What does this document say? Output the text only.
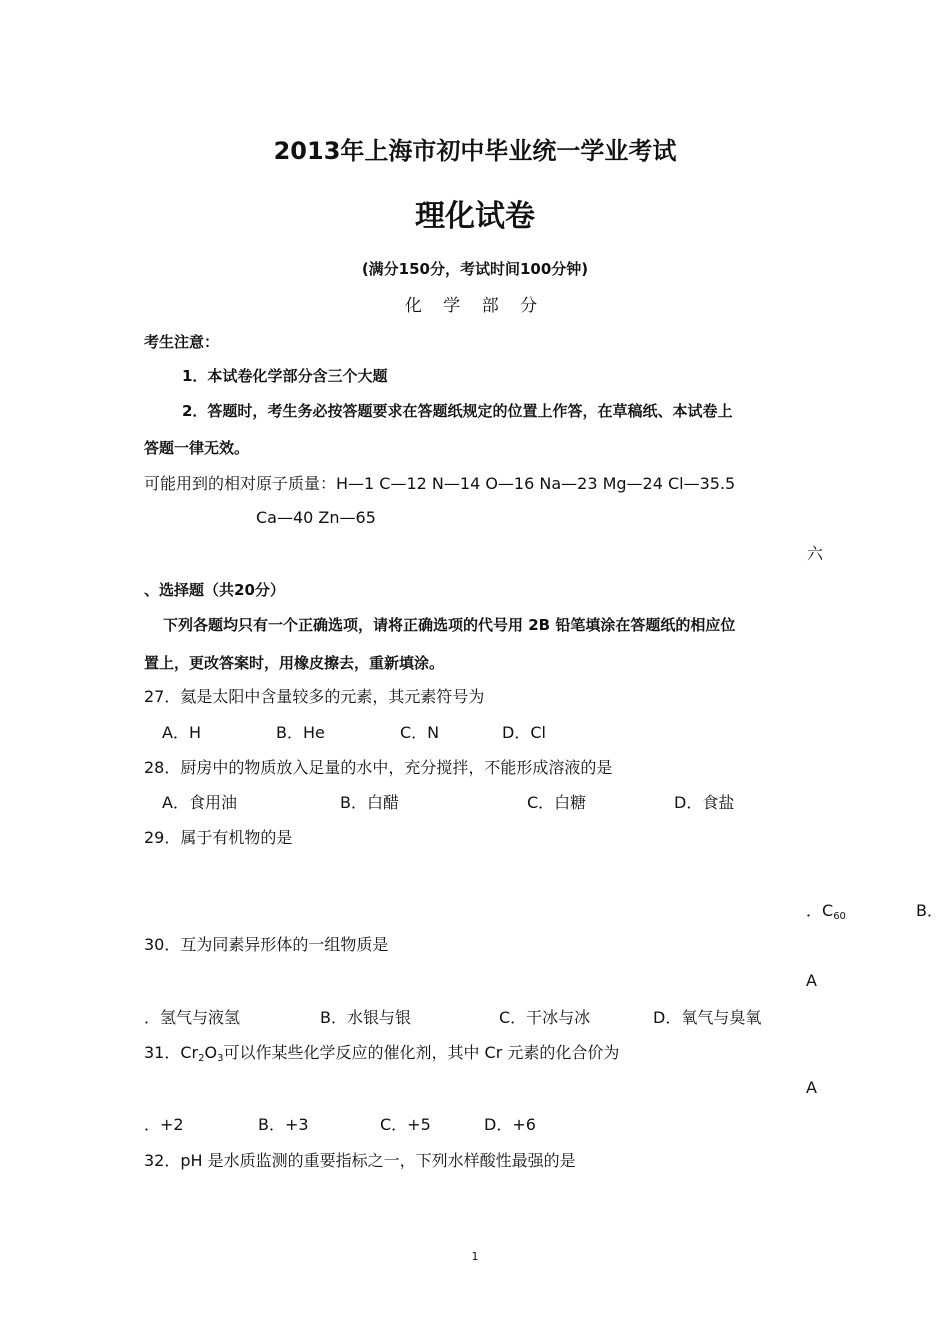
2013年上海市初中毕业统一学业考试
理化试卷
(满分150分，考试时间100分钟)
化 学 部 分
考生注意：
1．本试卷化学部分含三个大题
2．答题时，考生务必按答题要求在答题纸规定的位置上作答，在草稿纸、本试卷上
答题一律无效。
可能用到的相对原子质量：H—1 C—12 N—14 O—16 Na—23 Mg—24 Cl—35.5
Ca—40 Zn—65
六
、选择题（共20分）
下列各题均只有一个正确选项，请将正确选项的代号用 2B 铅笔填涂在答题纸的相应位
置上，更改答案时，用橡皮擦去，重新填涂。
27．氦是太阳中含量较多的元素，其元素符号为
A．H	B．He	C．N	D．Cl
28．厨房中的物质放入足量的水中，充分搅拌，不能形成溶液的是
A．食用油	B．白醋	C．白糖	D．食盐
29．属于有机物的是
．$C_{60}$	B．
30．互为同素异形体的一组物质是
A
．氢气与液氢	B．水银与银	C．干冰与冰	D．氧气与臭氧
31．$Cr_2O_3$可以作某些化学反应的催化剂，其中 Cr 元素的化合价为
A
．+2	B．+3	C．+5	D．+6
32．pH 是水质监测的重要指标之一，下列水样酸性最强的是
1
